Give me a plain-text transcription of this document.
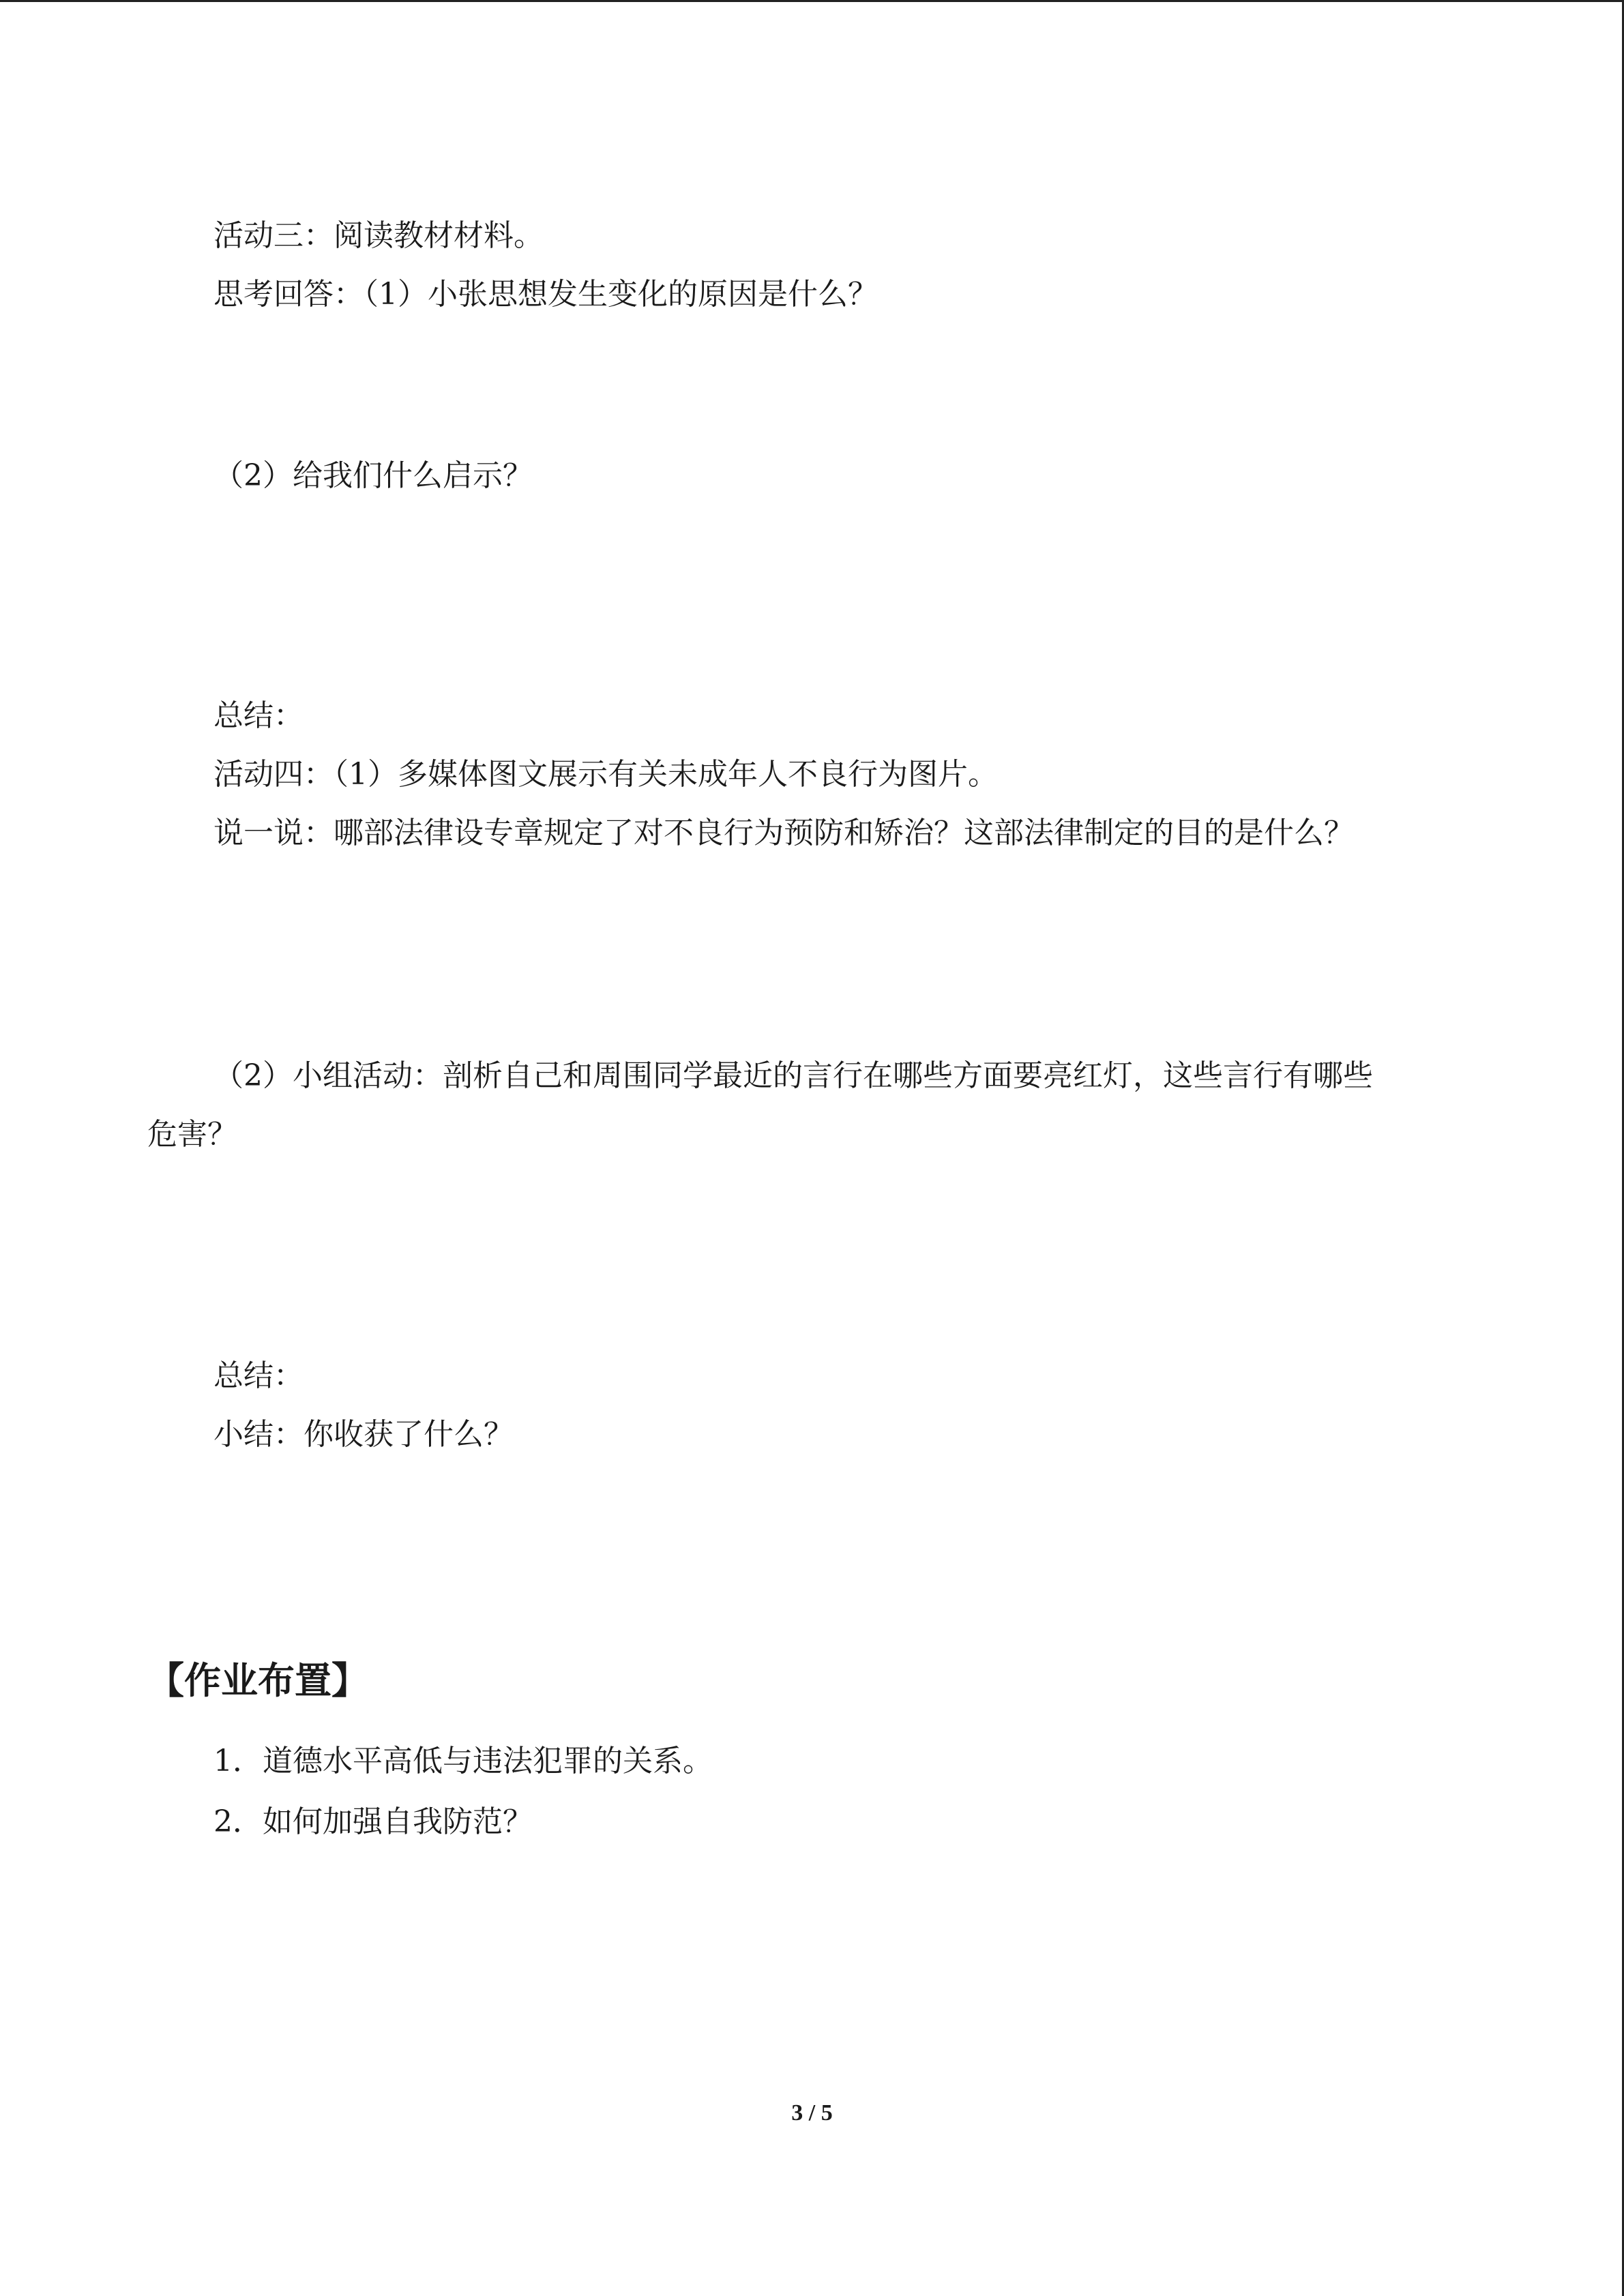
活动三：阅读教材材料。
思考回答：（1）小张思想发生变化的原因是什么？
（2）给我们什么启示？
总结：
活动四：（1）多媒体图文展示有关未成年人不良行为图片。
说一说：哪部法律设专章规定了对不良行为预防和矫治？这部法律制定的目的是什么？
（2）小组活动：剖析自己和周围同学最近的言行在哪些方面要亮红灯，这些言行有哪些
危害？
总结：
小结：你收获了什么？
【作业布置】
1．道德水平高低与违法犯罪的关系。
2．如何加强自我防范？
3 / 5
